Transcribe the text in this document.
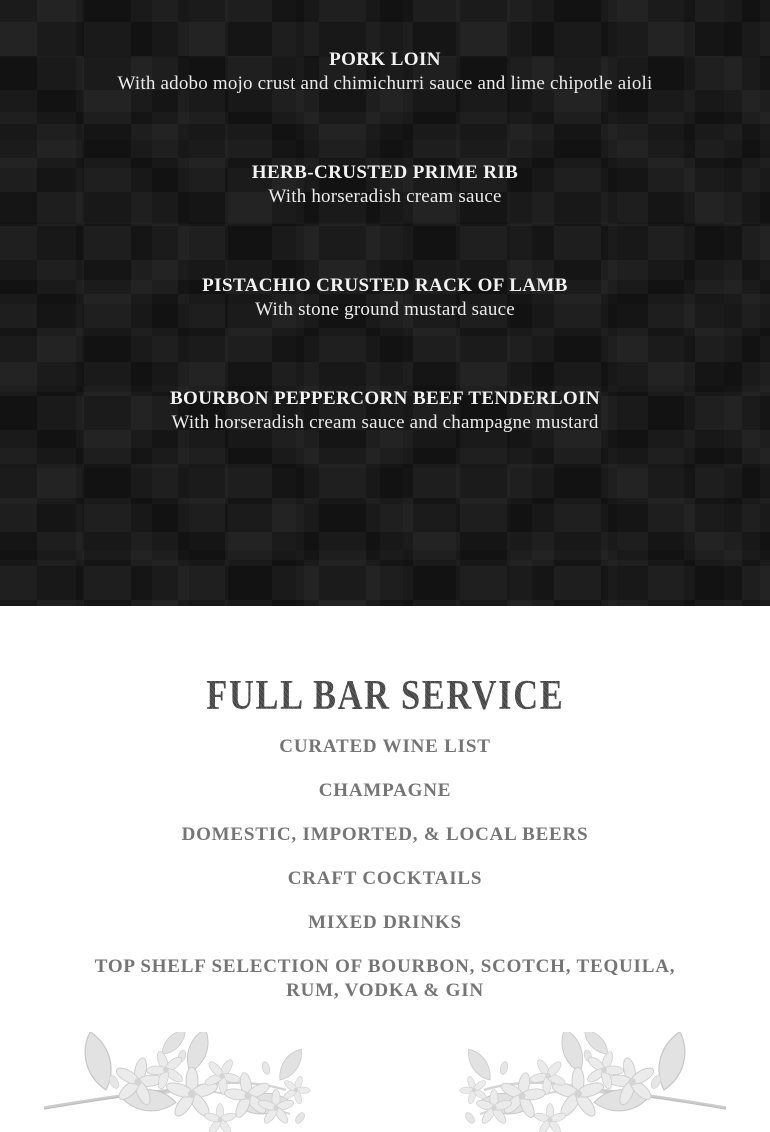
PORK LOIN

With adobo mojo crust and chimichurri sauce and lime chipotle aioli

HERB-CRUSTED PRIME RIB

With horseradish cream sauce

PISTACHIO CRUSTED RACK OF LAMB

With stone ground mustard sauce

BOURBON PEPPERCORN BEEF TENDERLOIN

With horseradish cream sauce and champagne mustard

FULL BAR SERVICE
CURATED WINE LIST
CHAMPAGNE
DOMESTIC, IMPORTED, & LOCAL BEERS
CRAFT COCKTAILS
MIXED DRINKS
TOP SHELF SELECTION OF BOURBON, SCOTCH, TEQUILA, RUM, VODKA & GIN
